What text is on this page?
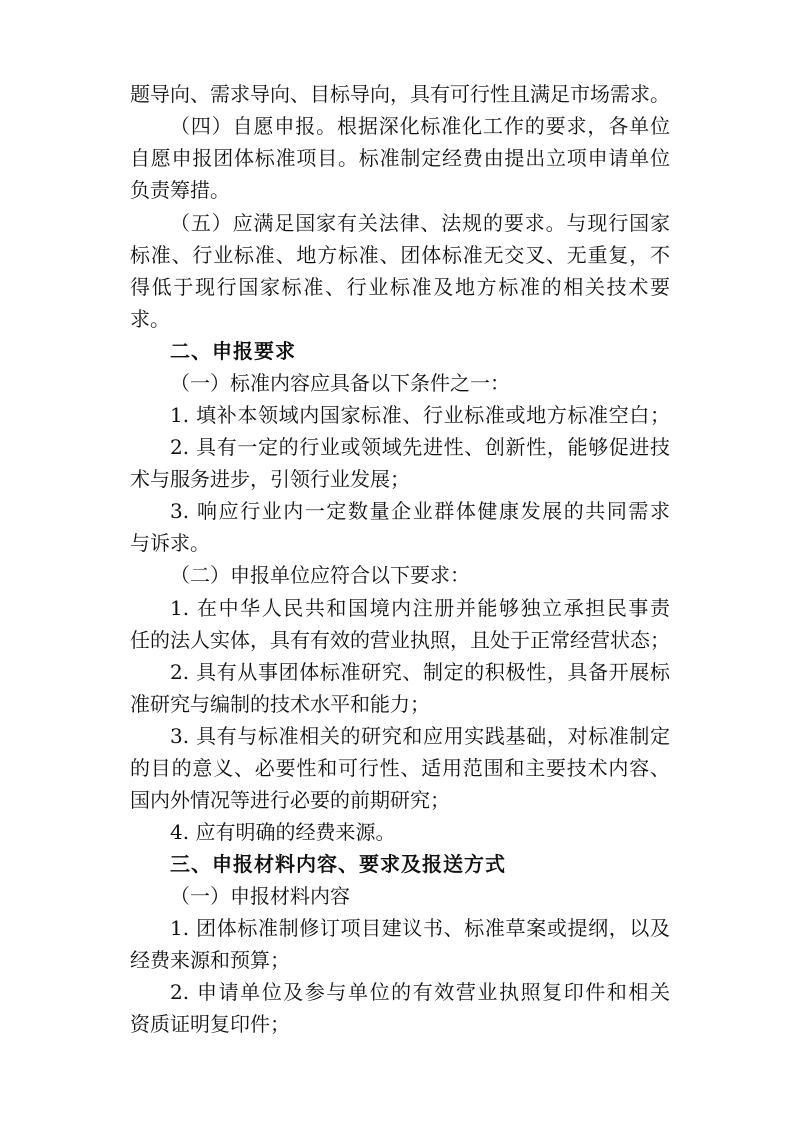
题导向、需求导向、目标导向，具有可行性且满足市场需求。
（四）自愿申报。根据深化标准化工作的要求，各单位
自愿申报团体标准项目。标准制定经费由提出立项申请单位
负责筹措。
（五）应满足国家有关法律、法规的要求。与现行国家
标准、行业标准、地方标准、团体标准无交叉、无重复，不
得低于现行国家标准、行业标准及地方标准的相关技术要
求。
二、申报要求
（一）标准内容应具备以下条件之一：
1. 填补本领域内国家标准、行业标准或地方标准空白；
2. 具有一定的行业或领域先进性、创新性，能够促进技
术与服务进步，引领行业发展；
3. 响应行业内一定数量企业群体健康发展的共同需求
与诉求。
（二）申报单位应符合以下要求：
1. 在中华人民共和国境内注册并能够独立承担民事责
任的法人实体，具有有效的营业执照，且处于正常经营状态；
2. 具有从事团体标准研究、制定的积极性，具备开展标
准研究与编制的技术水平和能力；
3. 具有与标准相关的研究和应用实践基础，对标准制定
的目的意义、必要性和可行性、适用范围和主要技术内容、
国内外情况等进行必要的前期研究；
4. 应有明确的经费来源。
三、申报材料内容、要求及报送方式
（一）申报材料内容
1. 团体标准制修订项目建议书、标准草案或提纲，以及
经费来源和预算；
2. 申请单位及参与单位的有效营业执照复印件和相关
资质证明复印件；
